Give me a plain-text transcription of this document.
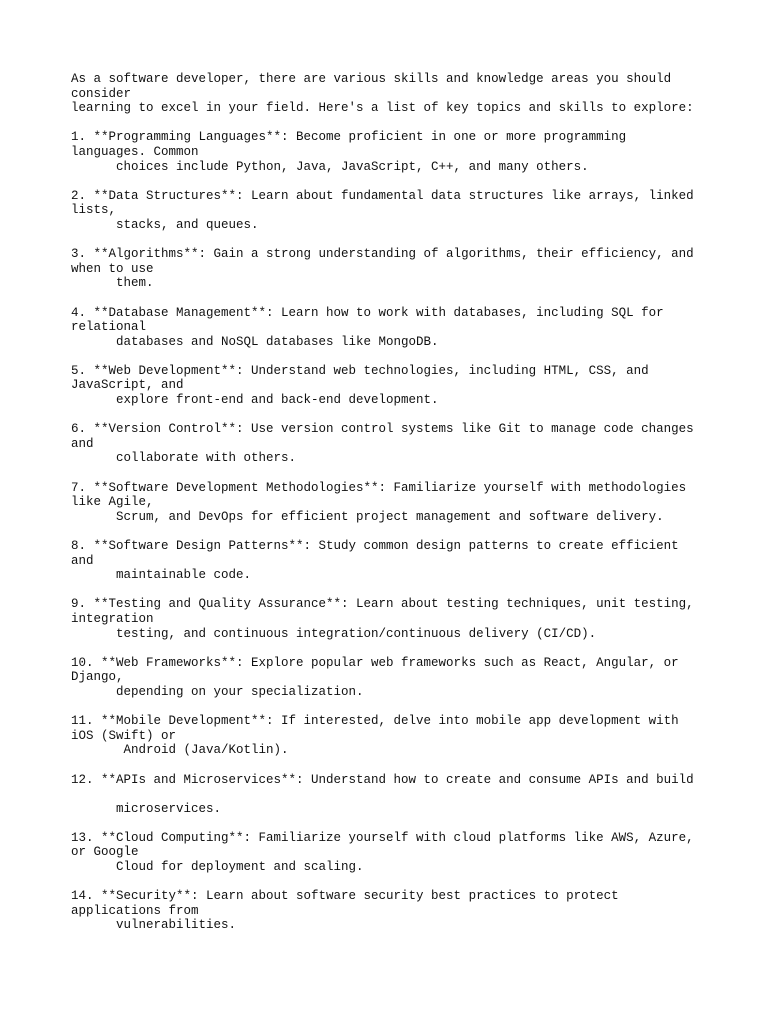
As a software developer, there are various skills and knowledge areas you should
consider
learning to excel in your field. Here's a list of key topics and skills to explore:
1. **Programming Languages**: Become proficient in one or more programming
languages. Common
choices include Python, Java, JavaScript, C++, and many others.
2. **Data Structures**: Learn about fundamental data structures like arrays, linked
lists,
stacks, and queues.
3. **Algorithms**: Gain a strong understanding of algorithms, their efficiency, and
when to use
them.
4. **Database Management**: Learn how to work with databases, including SQL for
relational
databases and NoSQL databases like MongoDB.
5. **Web Development**: Understand web technologies, including HTML, CSS, and
JavaScript, and
explore front-end and back-end development.
6. **Version Control**: Use version control systems like Git to manage code changes
and
collaborate with others.
7. **Software Development Methodologies**: Familiarize yourself with methodologies
like Agile,
Scrum, and DevOps for efficient project management and software delivery.
8. **Software Design Patterns**: Study common design patterns to create efficient
and
maintainable code.
9. **Testing and Quality Assurance**: Learn about testing techniques, unit testing,
integration
testing, and continuous integration/continuous delivery (CI/CD).
10. **Web Frameworks**: Explore popular web frameworks such as React, Angular, or
Django,
depending on your specialization.
11. **Mobile Development**: If interested, delve into mobile app development with
iOS (Swift) or
Android (Java/Kotlin).
12. **APIs and Microservices**: Understand how to create and consume APIs and build
microservices.
13. **Cloud Computing**: Familiarize yourself with cloud platforms like AWS, Azure,
or Google
Cloud for deployment and scaling.
14. **Security**: Learn about software security best practices to protect
applications from
vulnerabilities.
